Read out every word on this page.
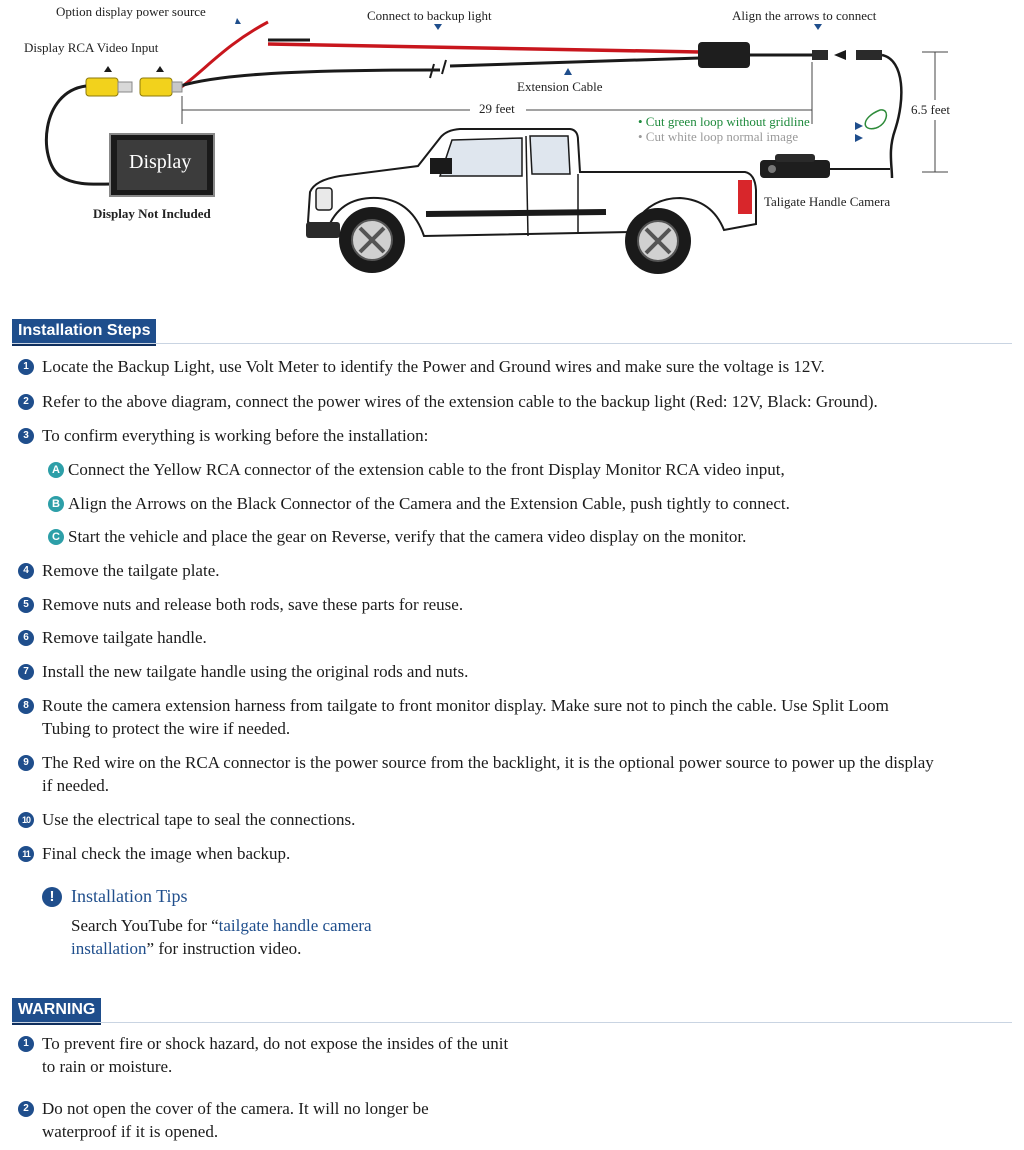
Option display power source	Connect to backup light	Align the arrows to connect
Display RCA Video Input
Extension Cable
29 feet	6.5 feet
• Cut green loop without gridline
• Cut white loop normal image
Display
Display Not Included
Taligate Handle Camera
Installation Steps
1 Locate the Backup Light, use Volt Meter to identify the Power and Ground wires and make sure the voltage is 12V.
2 Refer to the above diagram, connect the power wires of the extension cable to the backup light (Red: 12V, Black: Ground).
3 To confirm everything is working before the installation:
A Connect the Yellow RCA connector of the extension cable to the front Display Monitor RCA video input,
B Align the Arrows on the Black Connector of the Camera and the Extension Cable, push tightly to connect.
C Start the vehicle and place the gear on Reverse, verify that the camera video display on the monitor.
4 Remove the tailgate plate.
5 Remove nuts and release both rods, save these parts for reuse.
6 Remove tailgate handle.
7 Install the new tailgate handle using the original rods and nuts.
8 Route the camera extension harness from tailgate to front monitor display. Make sure not to pinch the cable. Use Split Loom Tubing to protect the wire if needed.
9 The Red wire on the RCA connector is the power source from the backlight, it is the optional power source to power up the display if needed.
10 Use the electrical tape to seal the connections.
11 Final check the image when backup.
! Installation Tips
Search YouTube for “tailgate handle camera installation” for instruction video.
WARNING
1 To prevent fire or shock hazard, do not expose the insides of the unit to rain or moisture.
2 Do not open the cover of the camera. It will no longer be waterproof if it is opened.
